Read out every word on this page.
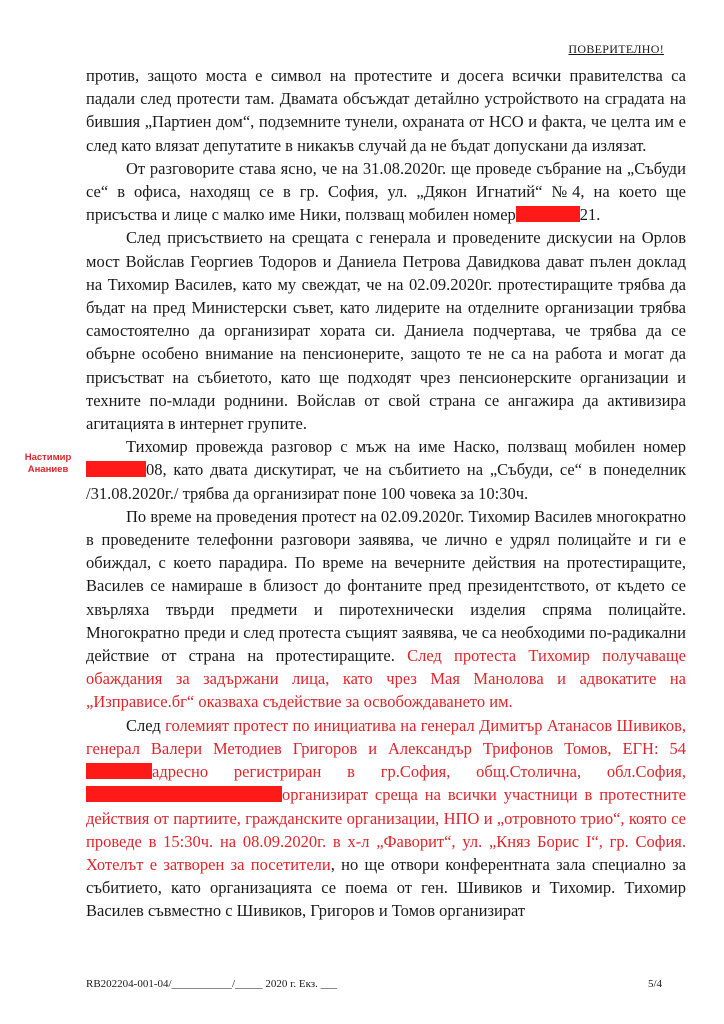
ПОВЕРИТЕЛНО!
Настимир Ананиев

против, защото моста е символ на протестите и досега всички правителства са падали след протести там. Двамата обсъждат детайлно устройството на сградата на бившия „Партиен дом“, подземните тунели, охраната от НСО и факта, че целта им е след като влязат депутатите в никакъв случай да не бъдат допускани да излязат.

От разговорите става ясно, че на 31.08.2020г. ще проведе събрание на „Събуди се“ в офиса, находящ се в гр. София, ул. „Дякон Игнатий“ №4, на което ще присъства и лице с малко име Ники, ползващ мобилен номер	21.

След присъствието на срещата с генерала и проведените дискусии на Орлов мост Войслав Георгиев Тодоров и Даниела Петрова Давидкова дават пълен доклад на Тихомир Василев, като му свеждат, че на 02.09.2020г. протестиращите трябва да бъдат на пред Министерски съвет, като лидерите на отделните организации трябва самостоятелно да организират хората си. Даниела подчертава, че трябва да се обърне особено внимание на пенсионерите, защото те не са на работа и могат да присъстват на събиетото, като ще подходят чрез пенсионерските организации и техните по-млади роднини. Войслав от свой страна се ангажира да активизира агитацията в интернет групите.

Тихомир провежда разговор с мъж на име Наско, ползващ мобилен номер 08, като двата дискутират, че на събитието на „Събуди, се“ в понеделник /31.08.2020г./ трябва да организират поне 100 човека за 10:30ч.

По време на проведения протест на 02.09.2020г. Тихомир Василев многократно в проведените телефонни разговори заявява, че лично е удрял полицайте и ги е обиждал, с което парадира. По време на вечерните действия на протестиращите, Василев се намираше в близост до фонтаните пред президентството, от където се хвърляха твърди предмети и пиротехнически изделия спряма полицайте. Многократно преди и след протеста същият заявява, че са необходими по-радикални действие от страна на протестиращите. След протеста Тихомир получаваще обаждания за задържани лица, като чрез Мая Манолова и адвокатите на „Изправисе.бг“ оказваха съдействие за освобождаването им.

След големият протест по инициатива на генерал Димитър Атанасов Шивиков, генерал Валери Методиев Григоров и Александър Трифонов Томов, ЕГН: 54адресно регистриран в гр.София, общ.Столична, обл.София, организират среща на всички участници в протестните действия от партиите, гражданските организации, НПО и „отровното трио“, която се проведе в 15:30ч. на 08.09.2020г. в х-л „Фаворит“, ул. „Княз Борис I“, гр. София. Хотелът е затворен за посетители, но ще отвори конферентната зала специално за събитието, като организацията се поема от ген. Шивиков и Тихомир. Тихомир Василев съвместно с Шивиков, Григоров и Томов организират

RB202204-001-04/___________/_____ 2020 г. Екз. ___	5/4
